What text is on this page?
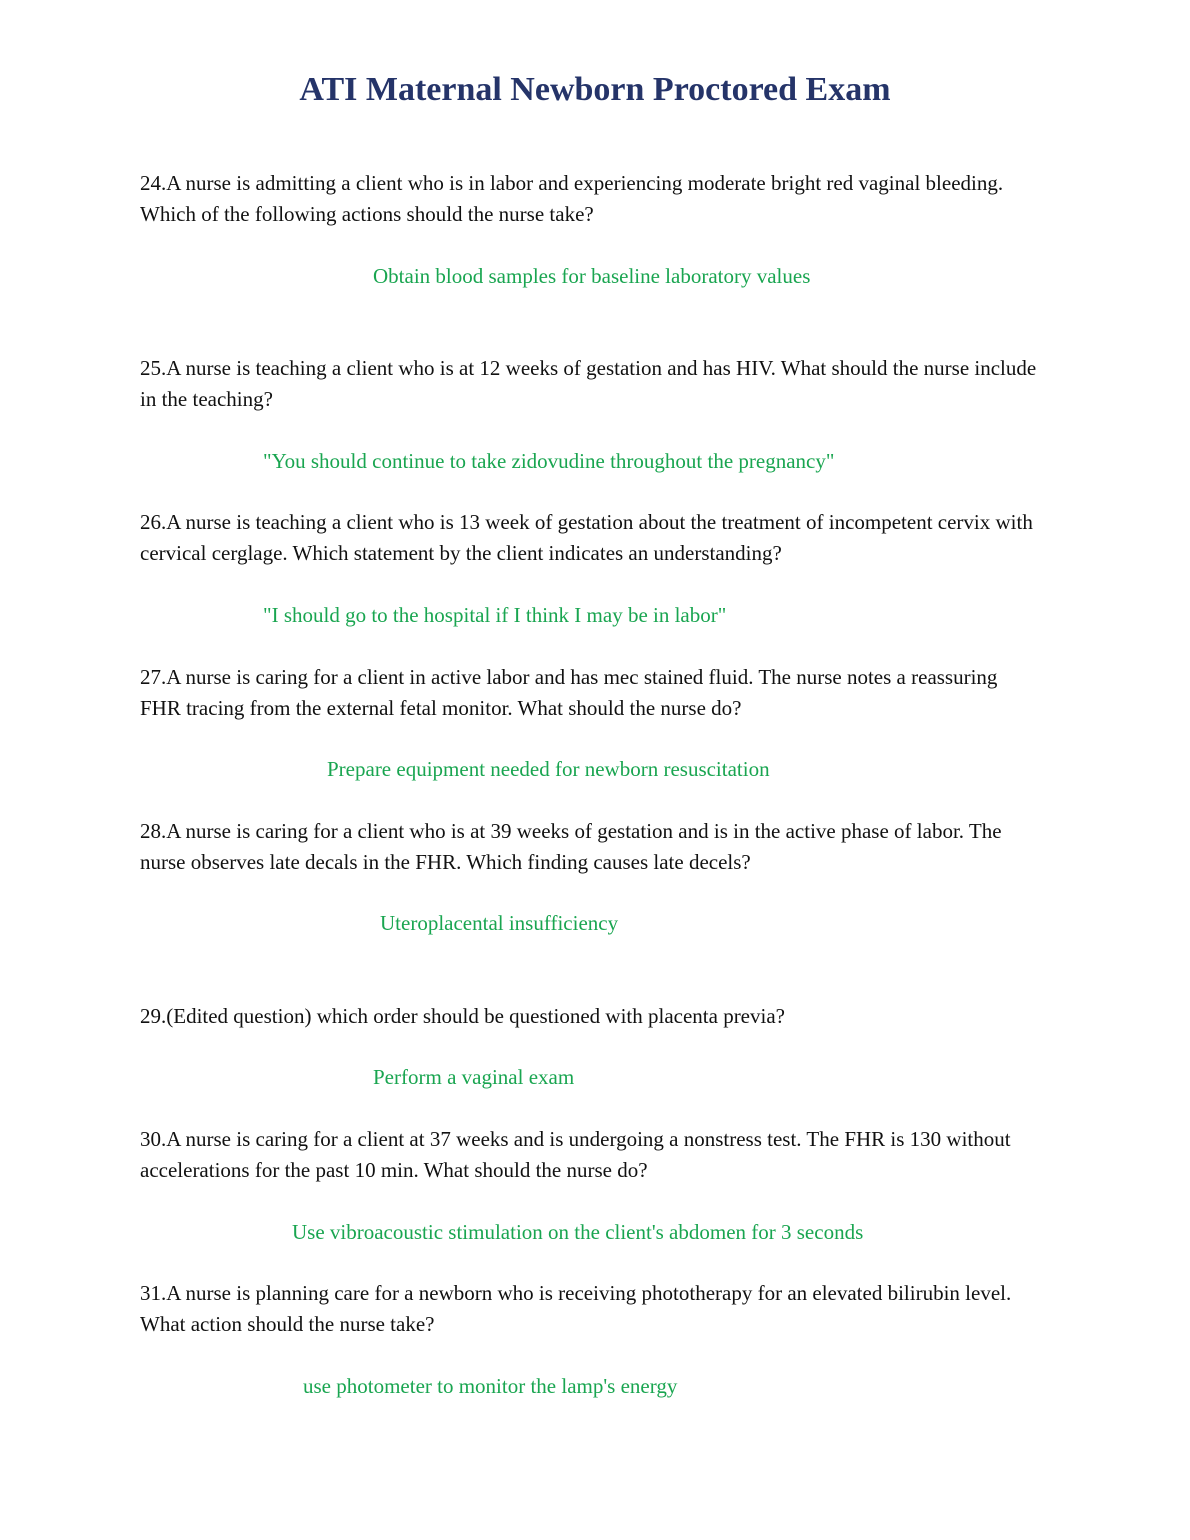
ATI Maternal Newborn Proctored Exam

24.A nurse is admitting a client who is in labor and experiencing moderate bright red vaginal bleeding. Which of the following actions should the nurse take?

Obtain blood samples for baseline laboratory values

25.A nurse is teaching a client who is at 12 weeks of gestation and has HIV. What should the nurse include in the teaching?

"You should continue to take zidovudine throughout the pregnancy"

26.A nurse is teaching a client who is 13 week of gestation about the treatment of incompetent cervix with cervical cerglage. Which statement by the client indicates an understanding?

"I should go to the hospital if I think I may be in labor"

27.A nurse is caring for a client in active labor and has mec stained fluid. The nurse notes a reassuring FHR tracing from the external fetal monitor. What should the nurse do?

Prepare equipment needed for newborn resuscitation

28.A nurse is caring for a client who is at 39 weeks of gestation and is in the active phase of labor. The nurse observes late decals in the FHR. Which finding causes late decels?

Uteroplacental insufficiency

29.(Edited question) which order should be questioned with placenta previa?

Perform a vaginal exam

30.A nurse is caring for a client at 37 weeks and is undergoing a nonstress test. The FHR is 130 without accelerations for the past 10 min. What should the nurse do?

Use vibroacoustic stimulation on the client's abdomen for 3 seconds

31.A nurse is planning care for a newborn who is receiving phototherapy for an elevated bilirubin level. What action should the nurse take?

use photometer to monitor the lamp's energy
